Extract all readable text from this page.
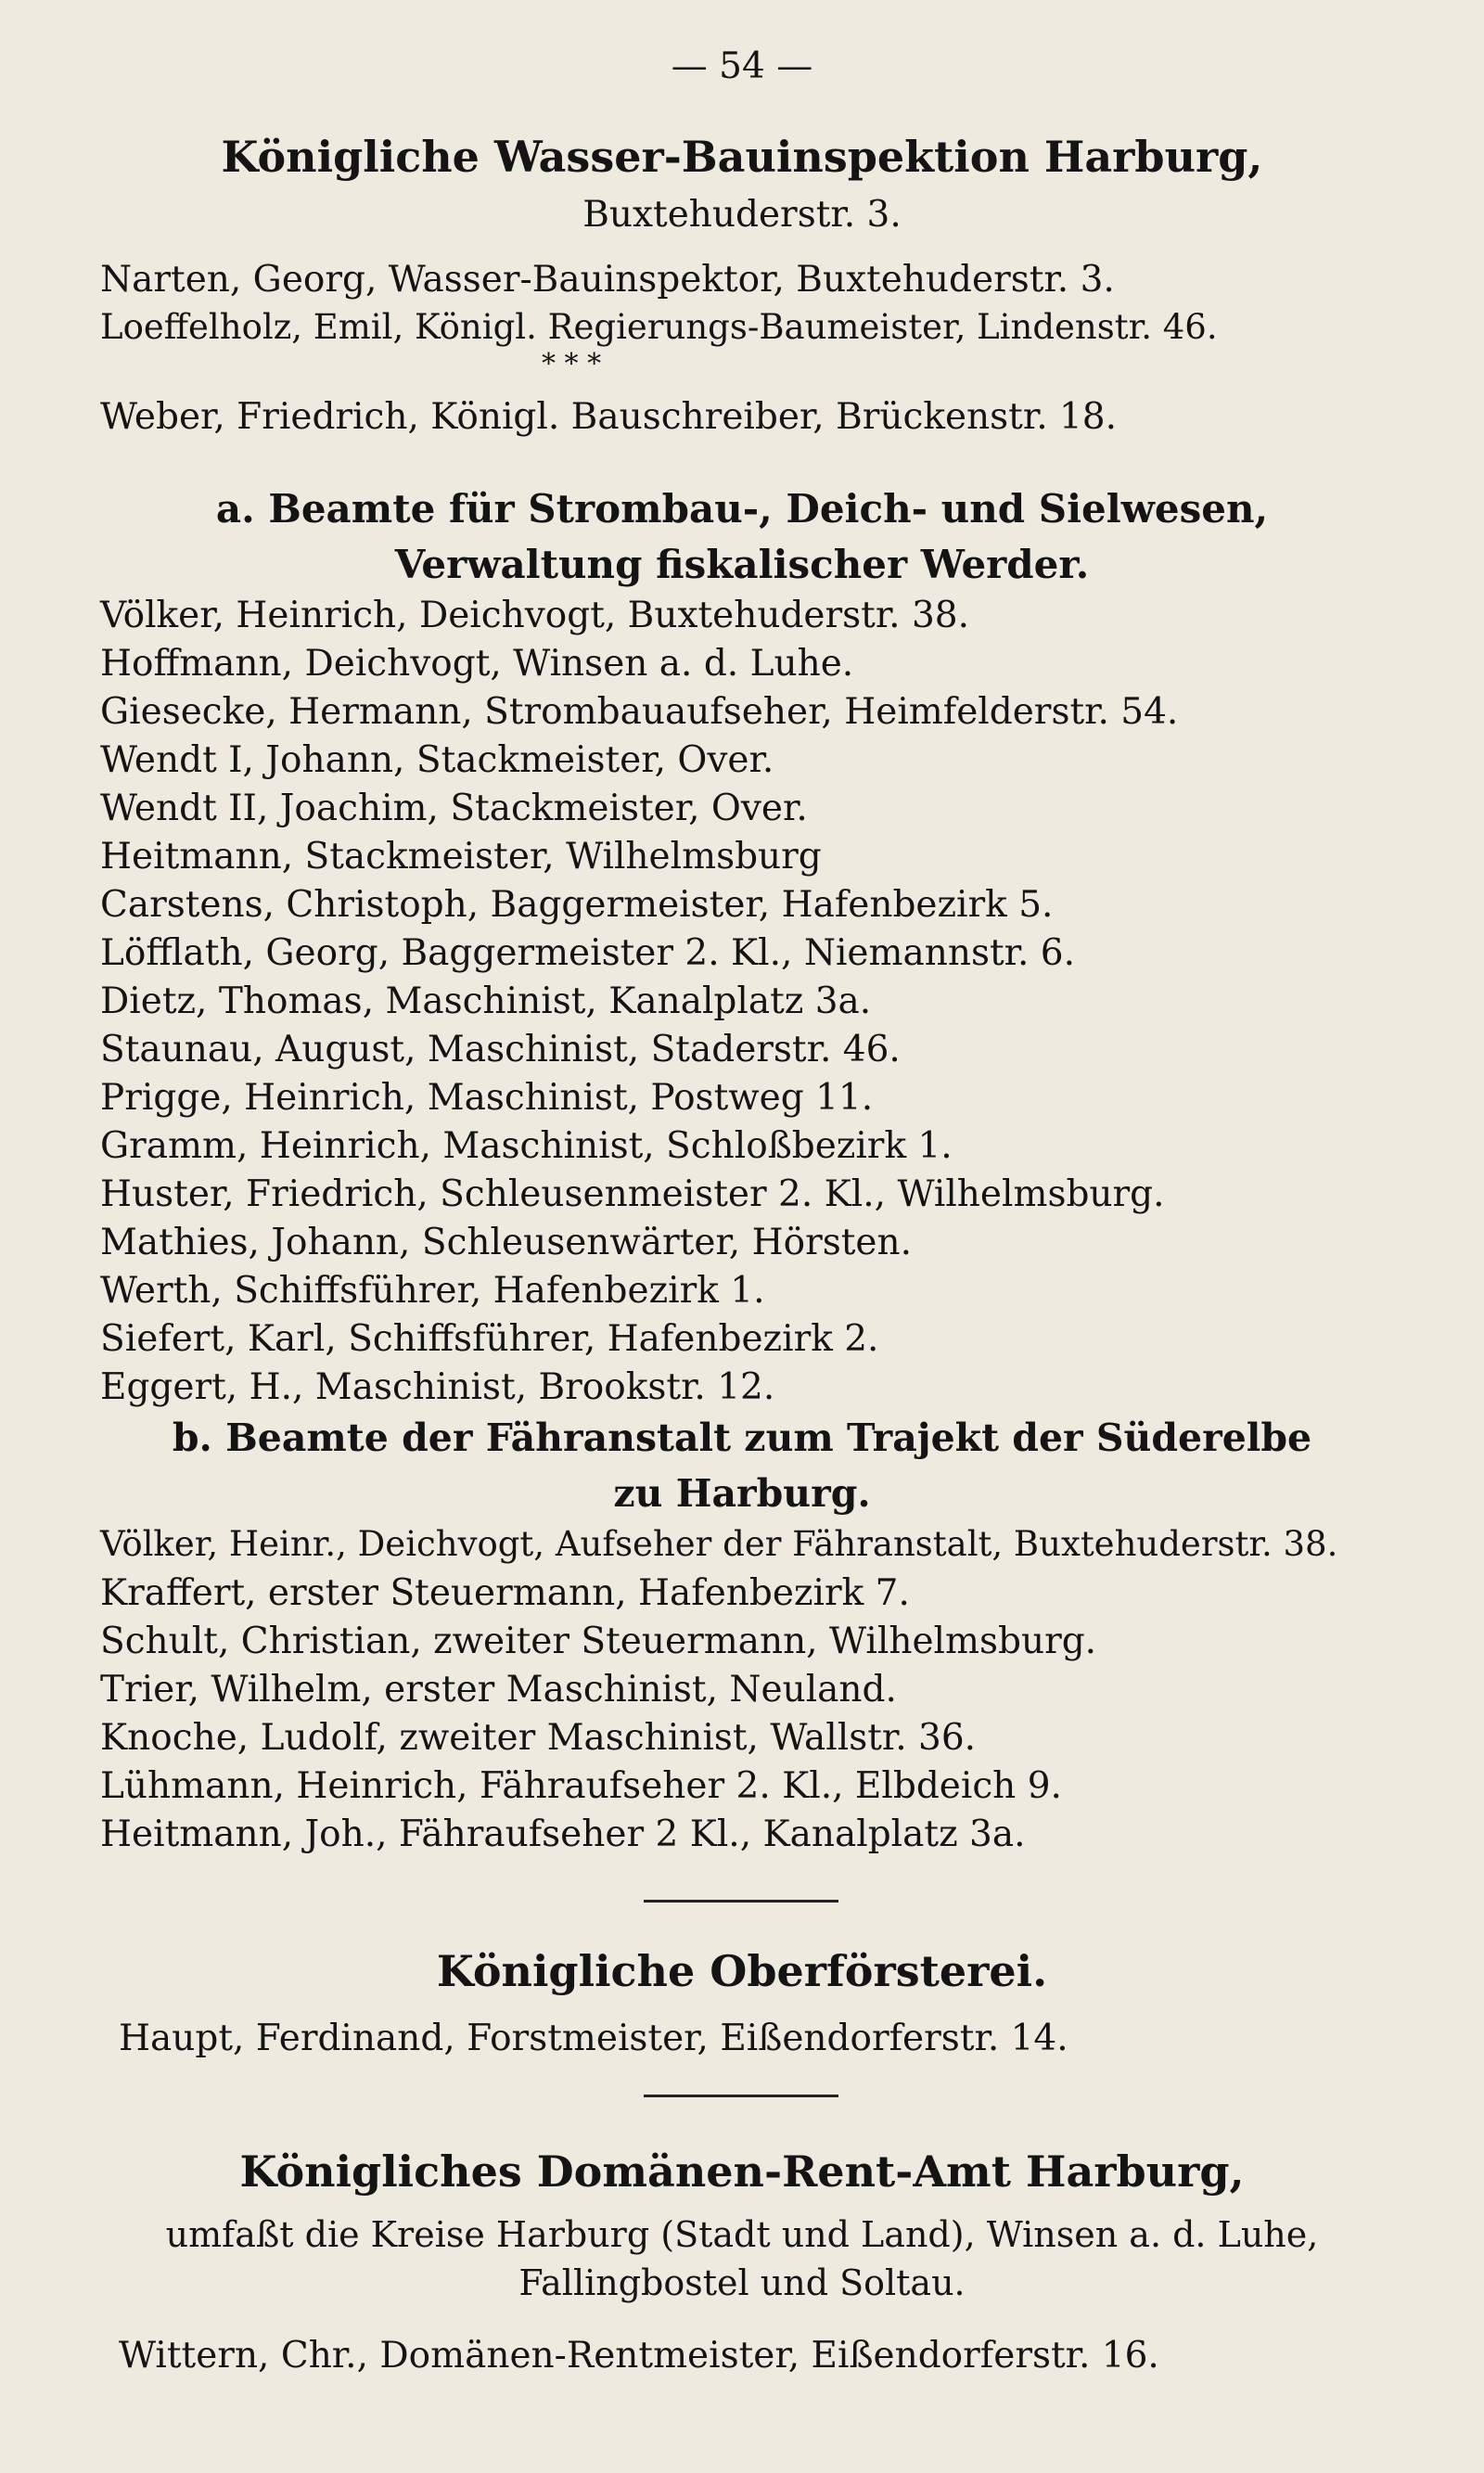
— 54 —
Königliche Wasser-Bauinspektion Harburg,
Buxtehuderstr. 3.
Narten, Georg, Wasser-Bauinspektor, Buxtehuderstr. 3.
Loeffelholz, Emil, Königl. Regierungs-Baumeister, Lindenstr. 46.
* * *
Weber, Friedrich, Königl. Bauschreiber, Brückenstr. 18.
a. Beamte für Strombau-, Deich- und Sielwesen,
Verwaltung fiskalischer Werder.
Völker, Heinrich, Deichvogt, Buxtehuderstr. 38.
Hoffmann, Deichvogt, Winsen a. d. Luhe.
Giesecke, Hermann, Strombauaufseher, Heimfelderstr. 54.
Wendt I, Johann, Stackmeister, Over.
Wendt II, Joachim, Stackmeister, Over.
Heitmann, Stackmeister, Wilhelmsburg
Carstens, Christoph, Baggermeister, Hafenbezirk 5.
Löfflath, Georg, Baggermeister 2. Kl., Niemannstr. 6.
Dietz, Thomas, Maschinist, Kanalplatz 3a.
Staunau, August, Maschinist, Staderstr. 46.
Prigge, Heinrich, Maschinist, Postweg 11.
Gramm, Heinrich, Maschinist, Schloßbezirk 1.
Huster, Friedrich, Schleusenmeister 2. Kl., Wilhelmsburg.
Mathies, Johann, Schleusenwärter, Hörsten.
Werth, Schiffsführer, Hafenbezirk 1.
Siefert, Karl, Schiffsführer, Hafenbezirk 2.
Eggert, H., Maschinist, Brookstr. 12.
b. Beamte der Fähranstalt zum Trajekt der Süderelbe
zu Harburg.
Völker, Heinr., Deichvogt, Aufseher der Fähranstalt, Buxtehuderstr. 38.
Kraffert, erster Steuermann, Hafenbezirk 7.
Schult, Christian, zweiter Steuermann, Wilhelmsburg.
Trier, Wilhelm, erster Maschinist, Neuland.
Knoche, Ludolf, zweiter Maschinist, Wallstr. 36.
Lühmann, Heinrich, Fähraufseher 2. Kl., Elbdeich 9.
Heitmann, Joh., Fähraufseher 2 Kl., Kanalplatz 3a.
Königliche Oberförsterei.
Haupt, Ferdinand, Forstmeister, Eißendorferstr. 14.
Königliches Domänen-Rent-Amt Harburg,
umfaßt die Kreise Harburg (Stadt und Land), Winsen a. d. Luhe,
Fallingbostel und Soltau.
Wittern, Chr., Domänen-Rentmeister, Eißendorferstr. 16.
